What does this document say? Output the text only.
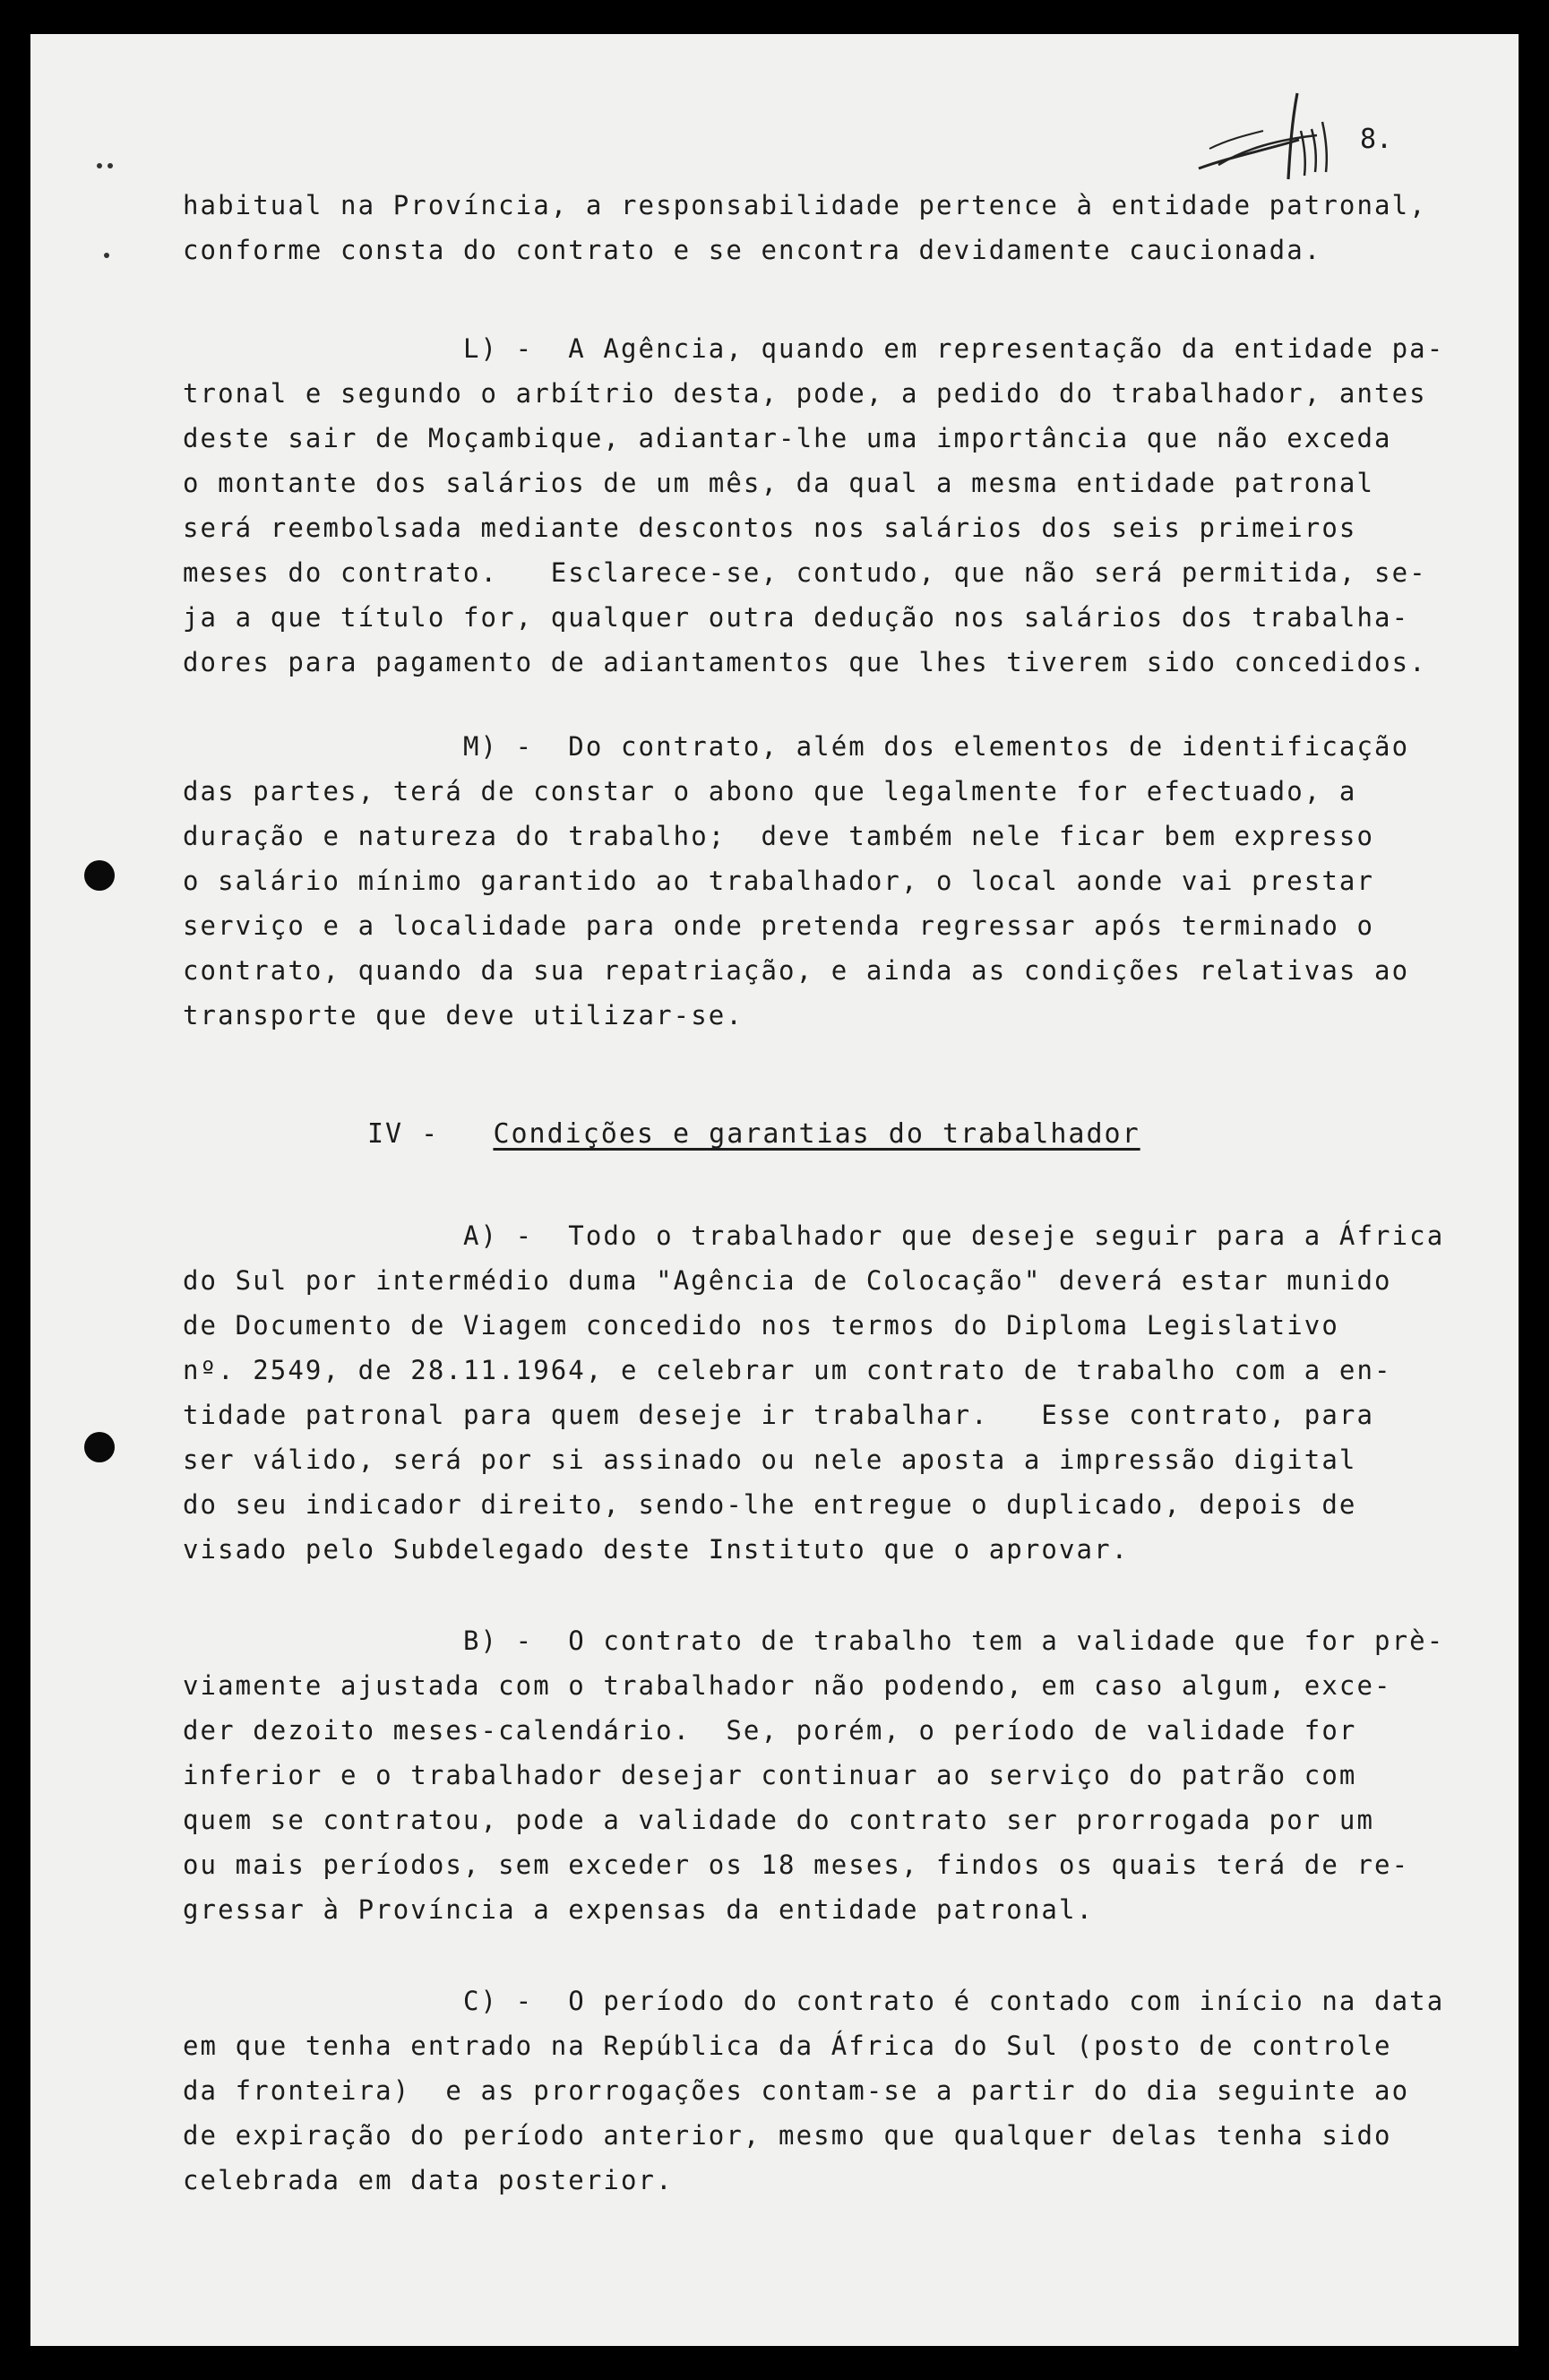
8.
habitual na Província, a responsabilidade pertence à entidade patronal,
conforme consta do contrato e se encontra devidamente caucionada.
L) -  A Agência, quando em representação da entidade pa-
tronal e segundo o arbítrio desta, pode, a pedido do trabalhador, antes
deste sair de Moçambique, adiantar-lhe uma importância que não exceda
o montante dos salários de um mês, da qual a mesma entidade patronal
será reembolsada mediante descontos nos salários dos seis primeiros
meses do contrato.   Esclarece-se, contudo, que não será permitida, se-
ja a que título for, qualquer outra dedução nos salários dos trabalha-
dores para pagamento de adiantamentos que lhes tiverem sido concedidos.
M) -  Do contrato, além dos elementos de identificação
das partes, terá de constar o abono que legalmente for efectuado, a
duração e natureza do trabalho;  deve também nele ficar bem expresso
o salário mínimo garantido ao trabalhador, o local aonde vai prestar
serviço e a localidade para onde pretenda regressar após terminado o
contrato, quando da sua repatriação, e ainda as condições relativas ao
transporte que deve utilizar-se.
IV - Condições e garantias do trabalhador
A) -  Todo o trabalhador que deseje seguir para a África
do Sul por intermédio duma "Agência de Colocação" deverá estar munido
de Documento de Viagem concedido nos termos do Diploma Legislativo
nº. 2549, de 28.11.1964, e celebrar um contrato de trabalho com a en-
tidade patronal para quem deseje ir trabalhar.   Esse contrato, para
ser válido, será por si assinado ou nele aposta a impressão digital
do seu indicador direito, sendo-lhe entregue o duplicado, depois de
visado pelo Subdelegado deste Instituto que o aprovar.
B) -  O contrato de trabalho tem a validade que for prè-
viamente ajustada com o trabalhador não podendo, em caso algum, exce-
der dezoito meses-calendário.  Se, porém, o período de validade for
inferior e o trabalhador desejar continuar ao serviço do patrão com
quem se contratou, pode a validade do contrato ser prorrogada por um
ou mais períodos, sem exceder os 18 meses, findos os quais terá de re-
gressar à Província a expensas da entidade patronal.
C) -  O período do contrato é contado com início na data
em que tenha entrado na República da África do Sul (posto de controle
da fronteira)  e as prorrogações contam-se a partir do dia seguinte ao
de expiração do período anterior, mesmo que qualquer delas tenha sido
celebrada em data posterior.
